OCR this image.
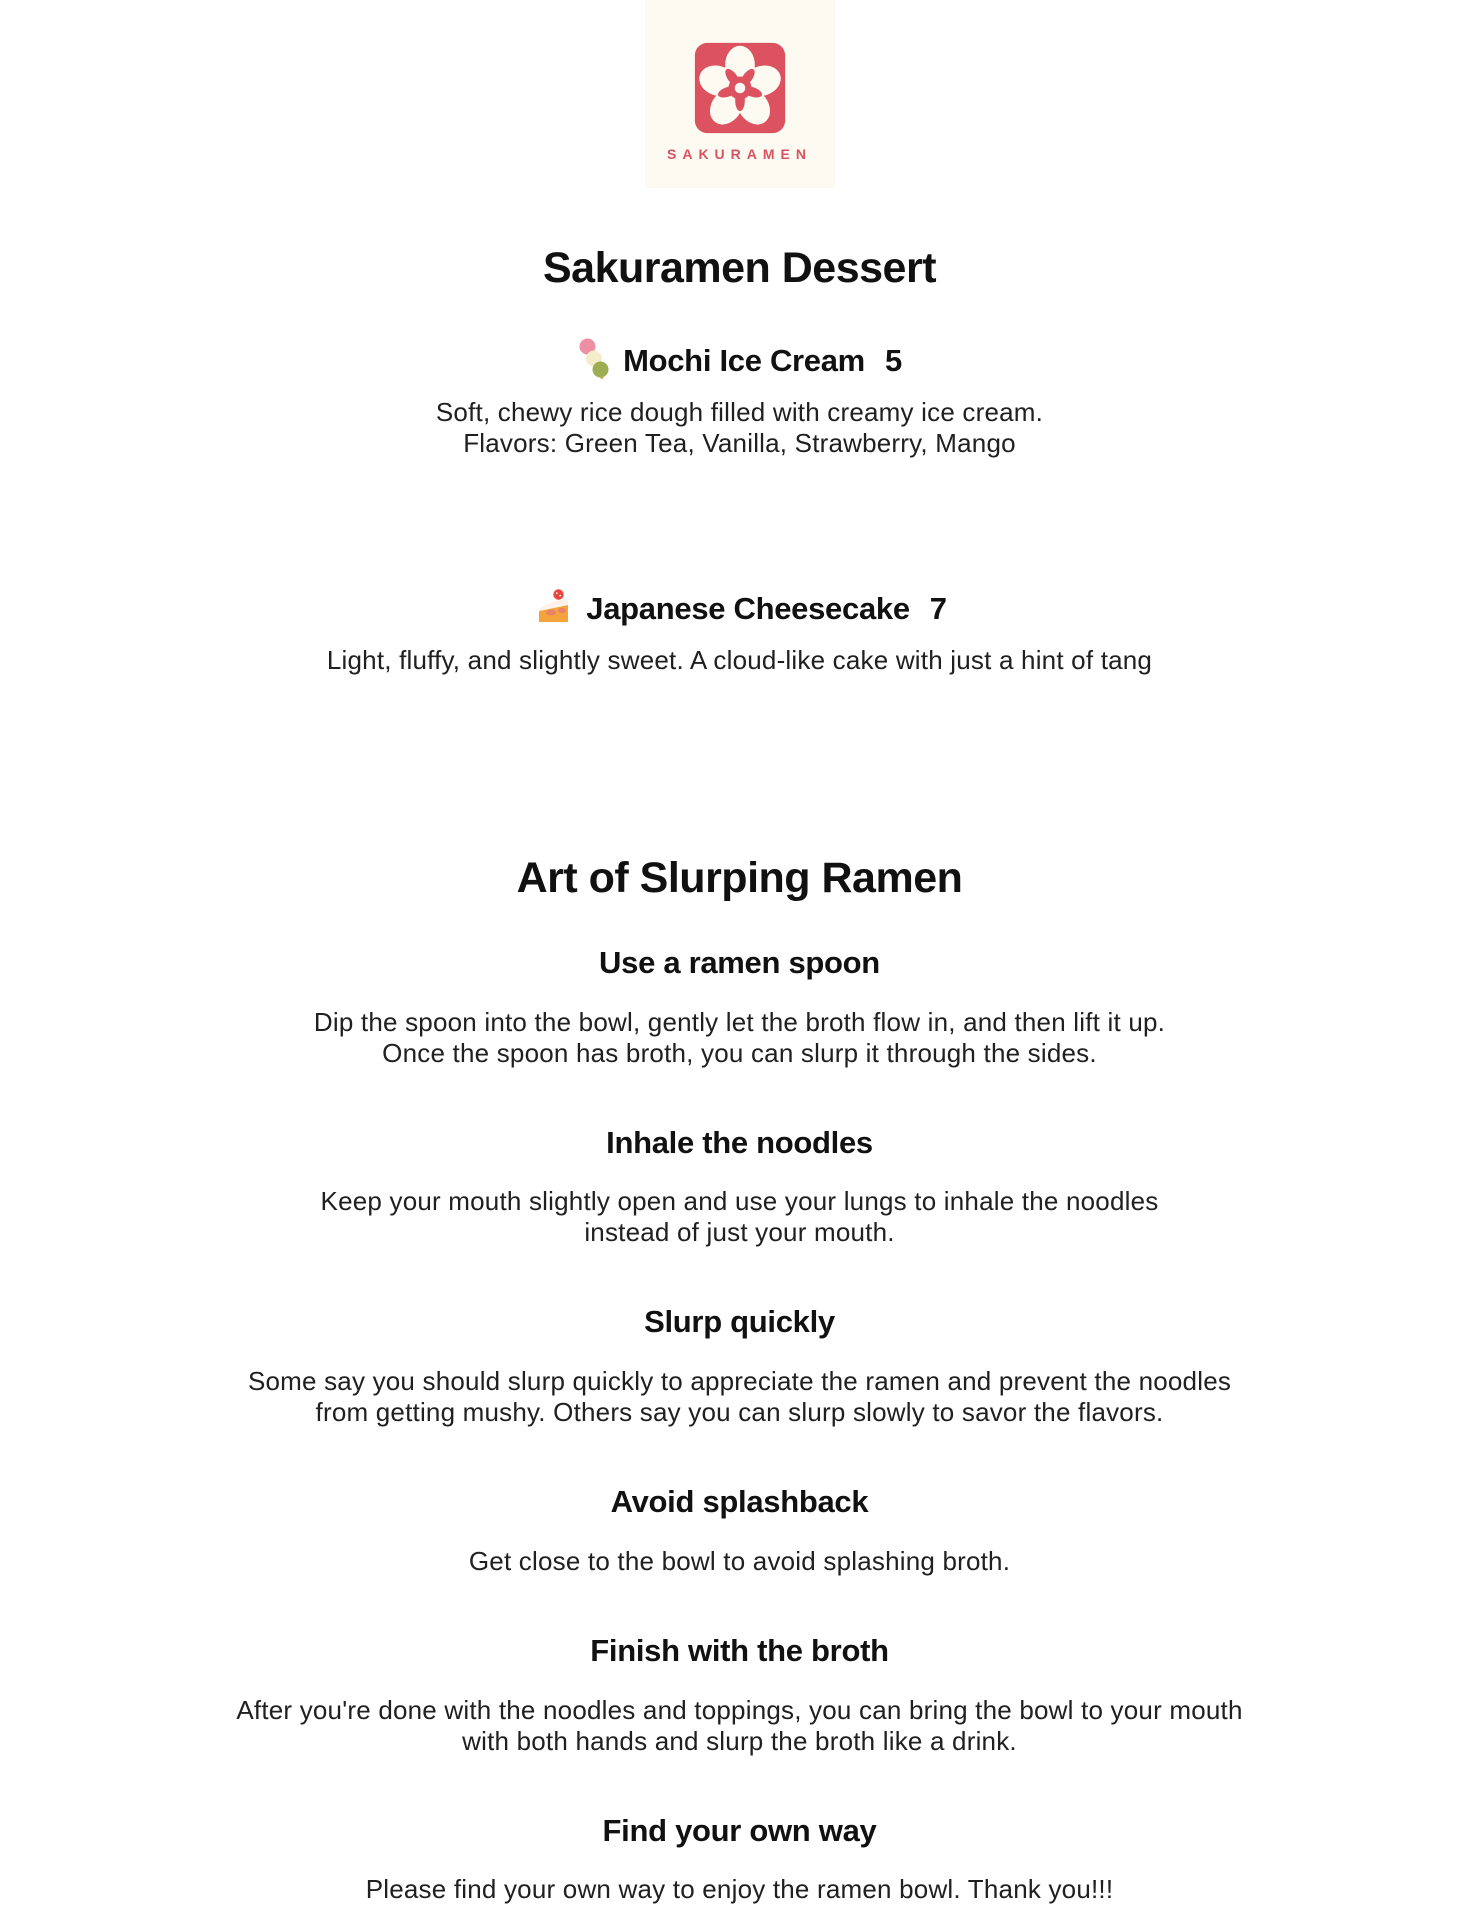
SAKURAMEN
Sakuramen Dessert
Mochi Ice Cream 5
Soft, chewy rice dough filled with creamy ice cream.
Flavors: Green Tea, Vanilla, Strawberry, Mango
Japanese Cheesecake 7
Light, fluffy, and slightly sweet. A cloud-like cake with just a hint of tang
Art of Slurping Ramen
Use a ramen spoon
Dip the spoon into the bowl, gently let the broth flow in, and then lift it up.
Once the spoon has broth, you can slurp it through the sides.
Inhale the noodles
Keep your mouth slightly open and use your lungs to inhale the noodles
instead of just your mouth.
Slurp quickly
Some say you should slurp quickly to appreciate the ramen and prevent the noodles
from getting mushy. Others say you can slurp slowly to savor the flavors.
Avoid splashback
Get close to the bowl to avoid splashing broth.
Finish with the broth
After you're done with the noodles and toppings, you can bring the bowl to your mouth
with both hands and slurp the broth like a drink.
Find your own way
Please find your own way to enjoy the ramen bowl. Thank you!!!
